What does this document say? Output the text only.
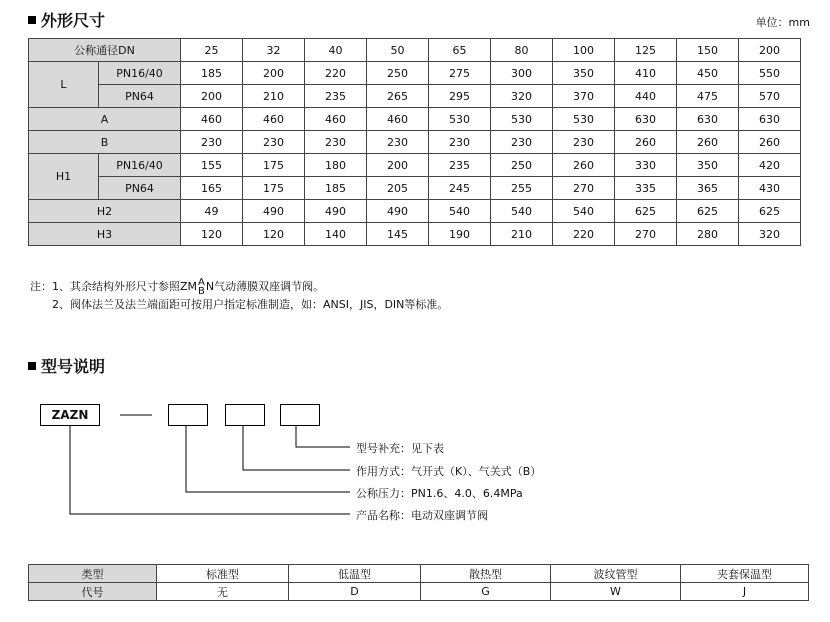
外形尺寸	单位：mm
公称通径DN		25	32	40	50	65	80	100	125	150	200
L	PN16/40	185	200	220	250	275	300	350	410	450	550
	PN64	200	210	235	265	295	320	370	440	475	570
A		460	460	460	460	530	530	530	630	630	630
B		230	230	230	230	230	230	230	260	260	260
H1	PN16/40	155	175	180	200	235	250	260	330	350	420
	PN64	165	175	185	205	245	255	270	335	365	430
H2		49	490	490	490	540	540	540	625	625	625
H3		120	120	140	145	190	210	220	270	280	320
注：1、其余结构外形尺寸参照ZM A
B N气动薄膜双座调节阀。
2、阀体法兰及法兰端面距可按用户指定标准制造，如：ANSI，JIS，DIN等标准。
型号说明
ZAZN
型号补充：见下表
作用方式：气开式（K）、气关式（B）
公称压力：PN1.6、4.0、6.4MPa
产品名称：电动双座调节阀
类型	标准型	低温型	散热型	波纹管型	夹套保温型
代号	无	D	G	W	J
